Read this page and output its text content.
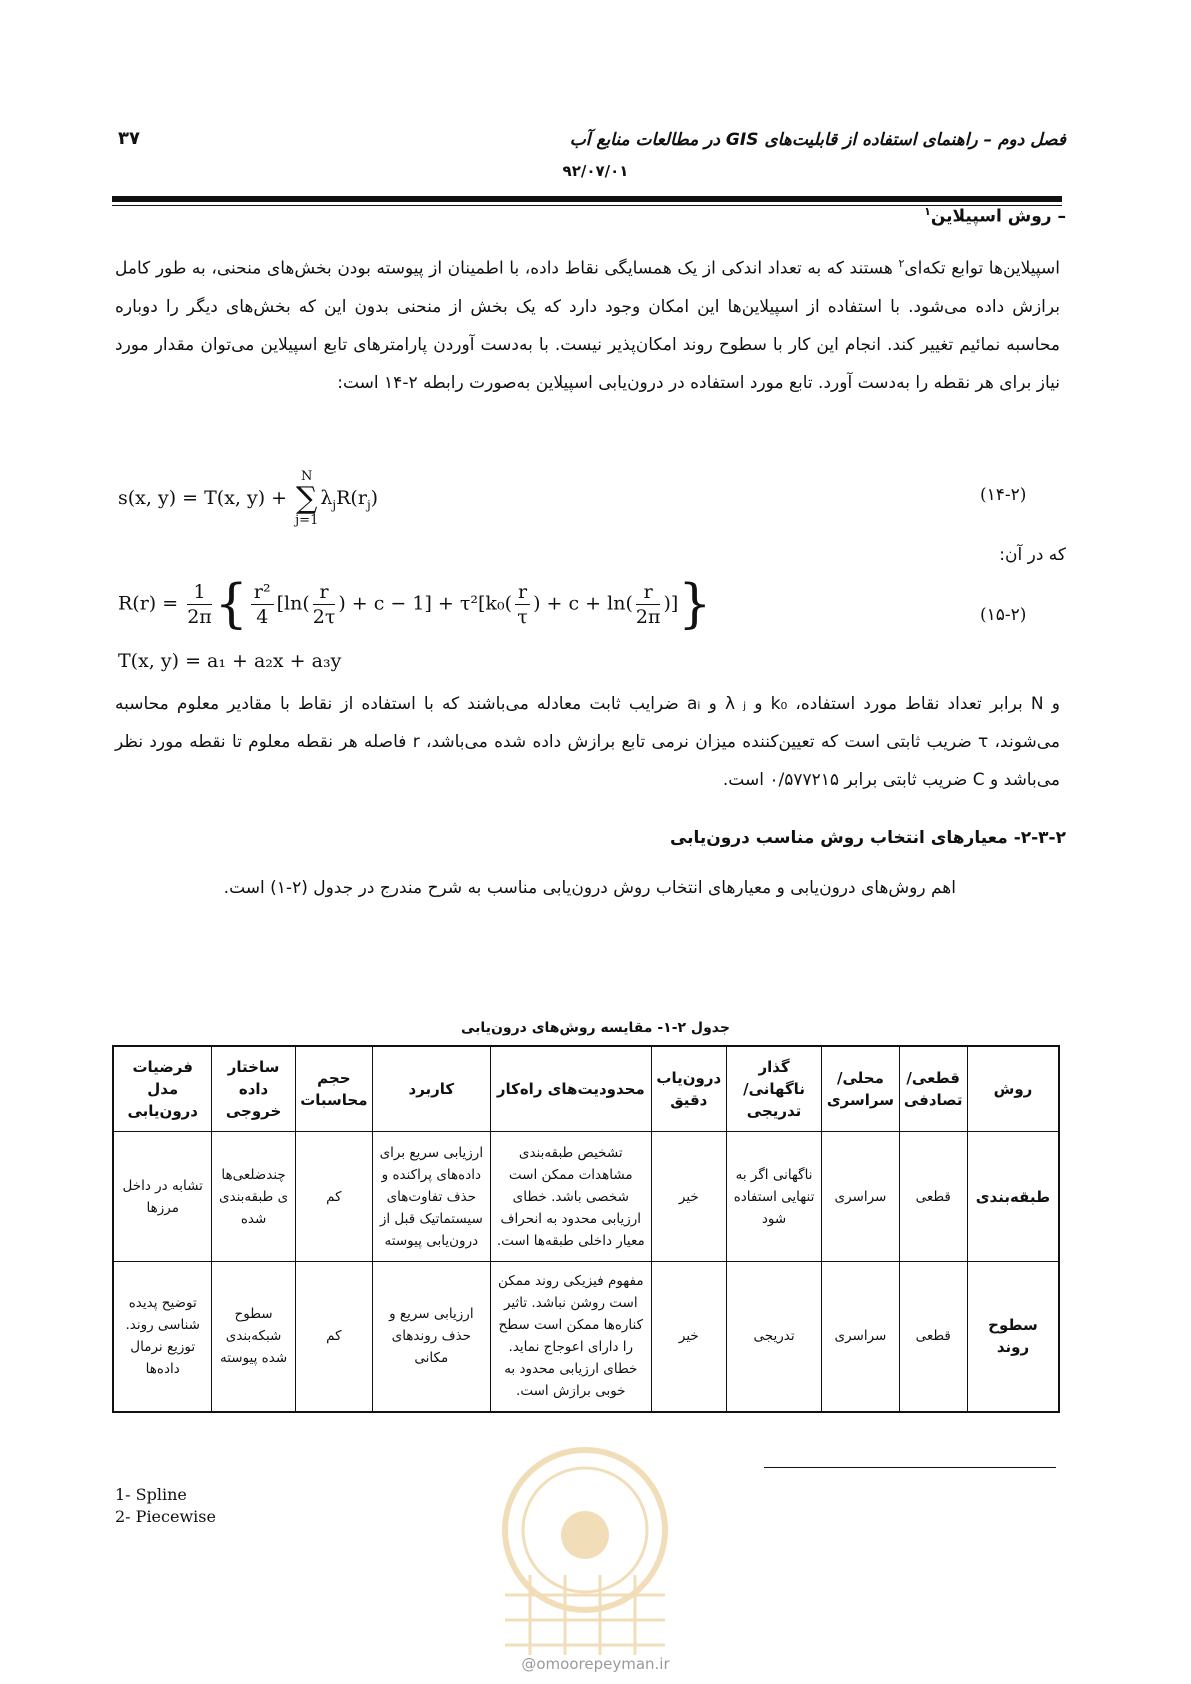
فصل دوم – راهنمای استفاده از قابلیت‌های GIS در مطالعات منابع آب
۹۲/۰۷/۰۱
۳۷
– روش اسپیلاین$^۱$

اسپیلاین‌ها توابع تکه‌ای$^۲$ هستند که به تعداد اندکی از یک همسایگی نقاط داده، با اطمینان از پیوسته بودن بخش‌های منحنی، به طور کامل برازش داده می‌شود. با استفاده از اسپیلاین‌ها این امکان وجود دارد که یک بخش از منحنی بدون این که بخش‌های دیگر را دوباره محاسبه نمائیم تغییر کند. انجام این کار با سطوح روند امکان‌پذیر نیست. با به‌دست آوردن پارامترهای تابع اسپیلاین می‌توان مقدار مورد نیاز برای هر نقطه را به‌دست آورد. تابع مورد استفاده در درون‌یابی اسپیلاین به‌صورت رابطه ۲-۱۴ است:

s(x, y) = T(x, y) +
N
∑
j=1
$\lambda_jR(r_j)$	(۱۴-۲)
که در آن:
$R(r) = \frac{1}{2\pi}$ { $\frac{\text{r²}}{4} [\ln( \frac{r}{2\tau}$ ) + $c - 1] + \tau^2[k_0( \frac{r}{\tau}$ ) + $c + \ln( \frac{r}{2\pi}$ )]}	(۱۵-۲)
T(x, y) = a₁ + a₂x + a₃y
و N برابر تعداد نقاط مورد استفاده، k₀ و λ ⱼ و aᵢ ضرایب ثابت معادله می‌باشند که با استفاده از نقاط با مقادیر معلوم محاسبه می‌شوند، τ ضریب ثابتی است که تعیین‌کننده میزان نرمی تابع برازش داده شده می‌باشد، r فاصله هر نقطه معلوم تا نقطه مورد نظر می‌باشد و C ضریب ثابتی برابر ۰/۵۷۷۲۱۵ است.
۲-۳-۲- معیارهای انتخاب روش مناسب درون‌یابی
اهم روش‌های درون‌یابی و معیارهای انتخاب روش درون‌یابی مناسب به شرح مندرج در جدول (۲-۱) است.
جدول ۲-۱- مقایسه روش‌های درون‌یابی
روش	قطعی/ تصادفی	محلی/ سراسری	گذار ناگهانی/ تدریجی	درون‌یاب دقیق	محدودیت‌های راه‌کار	کاربرد	حجم محاسبات	ساختار داده خروجی	فرضیات مدل درون‌یابی
طبقه‌بندی	قطعی	سراسری	ناگهانی اگر به تنهایی استفاده شود	خیر	تشخیص طبقه‌بندی مشاهدات ممکن است شخصی باشد. خطای ارزیابی محدود به انحراف معیار داخلی طبقه‌ها است.	ارزیابی سریع برای داده‌های پراکنده و حذف تفاوت‌های سیستماتیک قبل از درون‌یابی پیوسته	کم	چندضلعی‌ها ی طبقه‌بندی شده	تشابه در داخل مرزها
سطوح روند	قطعی	سراسری	تدریجی	خیر	مفهوم فیزیکی روند ممکن است روشن نباشد. تاثیر کناره‌ها ممکن است سطح را دارای اعوجاج نماید. خطای ارزیابی محدود به خوبی برازش است.	ارزیابی سریع و حذف روندهای مکانی	کم	سطوح شبکه‌بندی شده پیوسته	توضیح پدیده شناسی روند. توزیع نرمال داده‌ها
1- Spline
2- Piecewise
@omoorepeyman.ir
